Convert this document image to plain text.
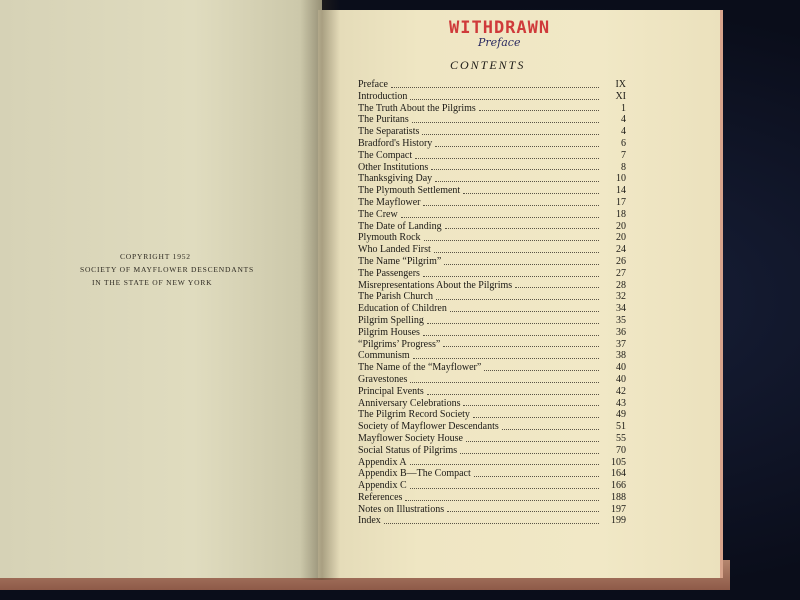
COPYRIGHT 1952
SOCIETY OF MAYFLOWER DESCENDANTS
IN THE STATE OF NEW YORK
WITHDRAWN
Preface
CONTENTS
Preface	IX
Introduction	XI
The Truth About the Pilgrims	1
The Puritans	4
The Separatists	4
Bradford's History	6
The Compact	7
Other Institutions	8
Thanksgiving Day	10
The Plymouth Settlement	14
The Mayflower	17
The Crew	18
The Date of Landing	20
Plymouth Rock	20
Who Landed First	24
The Name “Pilgrim”	26
The Passengers	27
Misrepresentations About the Pilgrims	28
The Parish Church	32
Education of Children	34
Pilgrim Spelling	35
Pilgrim Houses	36
“Pilgrims’ Progress”	37
Communism	38
The Name of the “Mayflower”	40
Gravestones	40
Principal Events	42
Anniversary Celebrations	43
The Pilgrim Record Society	49
Society of Mayflower Descendants	51
Mayflower Society House	55
Social Status of Pilgrims	70
Appendix A	105
Appendix B—The Compact	164
Appendix C	166
References	188
Notes on Illustrations	197
Index	199
